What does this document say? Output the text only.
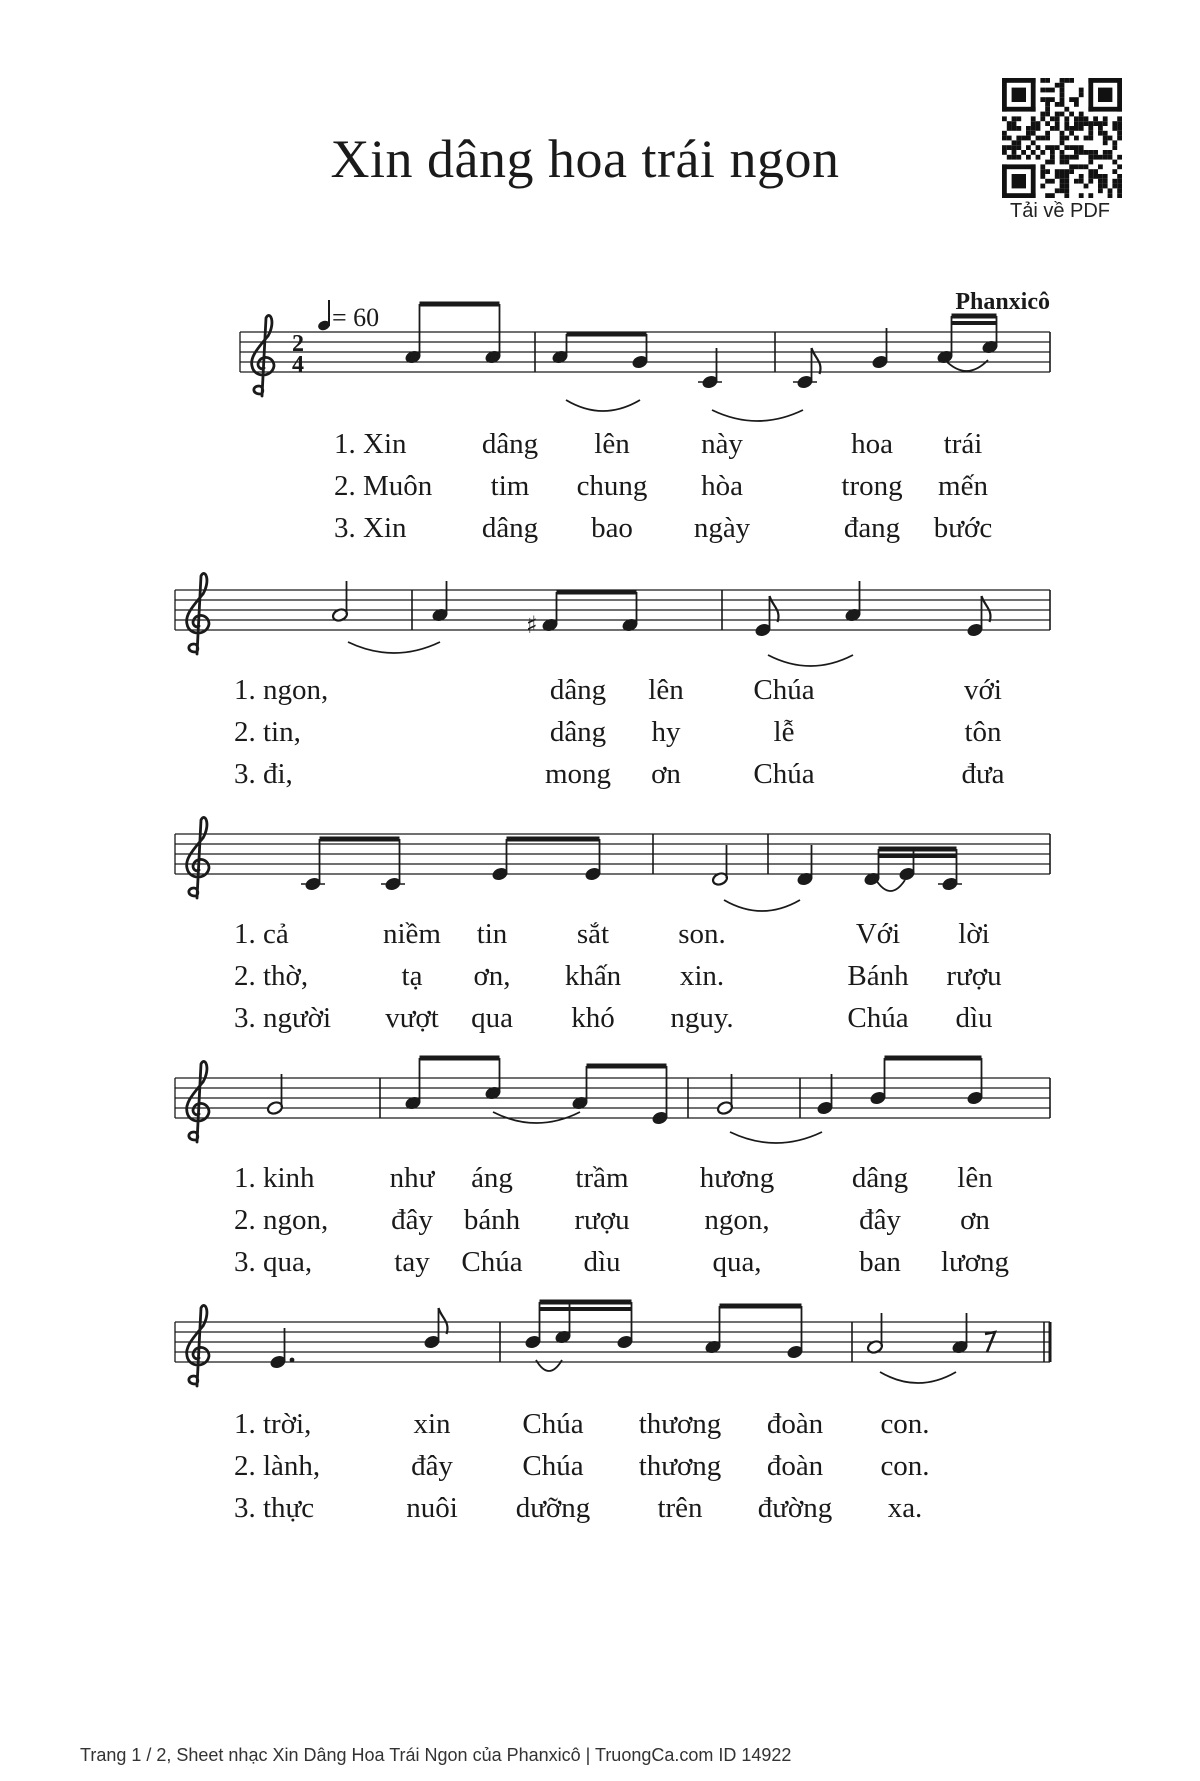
Xin dâng hoa trái ngon
Tải về PDF
Phanxicô
= 60
2
4
1. Xin	dâng lên này	hoa trái
2. Muôn tim chung hòa	trong mến
3. Xin	dâng bao ngày	đang bước
♯
1. ngon,	dâng lên Chúa	với
2. tin,	dâng hy	lễ	tôn
3. đi,	mong ơn Chúa	đưa
1. cả	niềm tin sắt son.	Với lời
2. thờ,	tạ ơn, khấn xin.	Bánh rượu
3. người vượt qua khó nguy.	Chúa dìu
1. kinh	như áng trầm hương	dâng lên
2. ngon, đây bánh rượu	ngon,	đây ơn
3. qua,	tay Chúa dìu	qua,	ban lương
1. trời,	xin Chúa thương đoàn con.
2. lành,	đây Chúa thương đoàn con.
3. thực	nuôi dưỡng trên đường xa.
Trang 1 / 2, Sheet nhạc Xin Dâng Hoa Trái Ngon của Phanxicô | TruongCa.com ID 14922
